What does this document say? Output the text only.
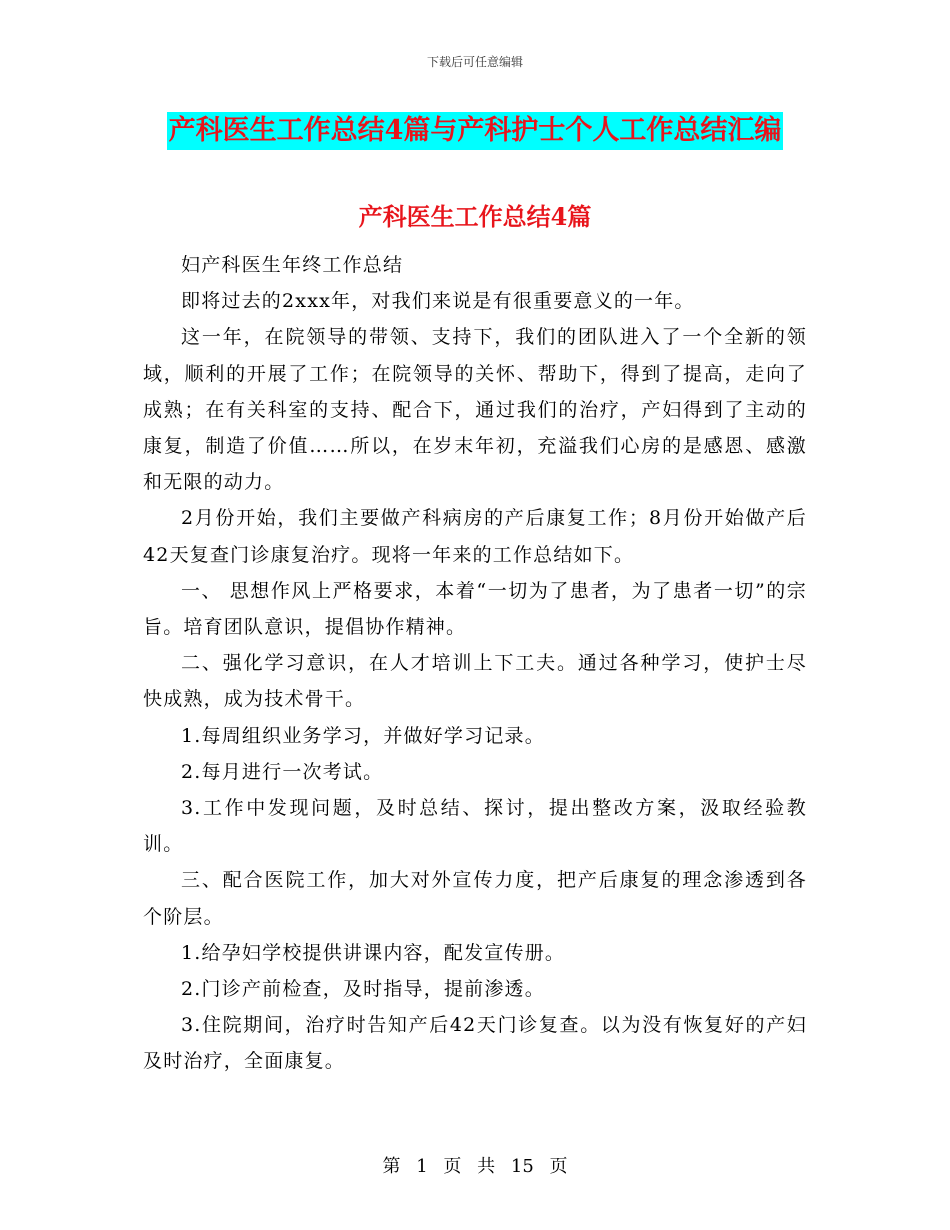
下载后可任意编辑
产科医生工作总结4篇与产科护士个人工作总结汇编
产科医生工作总结4篇

妇产科医生年终工作总结

即将过去的2xxx年，对我们来说是有很重要意义的一年。

这一年，在院领导的带领、支持下，我们的团队进入了一个全新的领域，顺利的开展了工作；在院领导的关怀、帮助下，得到了提高，走向了成熟；在有关科室的支持、配合下，通过我们的治疗，产妇得到了主动的康复，制造了价值……所以，在岁末年初，充溢我们心房的是感恩、感激和无限的动力。

2月份开始，我们主要做产科病房的产后康复工作；8月份开始做产后42天复查门诊康复治疗。现将一年来的工作总结如下。

一、 思想作风上严格要求，本着“一切为了患者，为了患者一切”的宗旨。培育团队意识，提倡协作精神。

二、强化学习意识，在人才培训上下工夫。通过各种学习，使护士尽快成熟，成为技术骨干。

1.每周组织业务学习，并做好学习记录。

2.每月进行一次考试。

3.工作中发现问题，及时总结、探讨，提出整改方案，汲取经验教训。

三、配合医院工作，加大对外宣传力度，把产后康复的理念渗透到各个阶层。

1.给孕妇学校提供讲课内容，配发宣传册。

2.门诊产前检查，及时指导，提前渗透。

3.住院期间，治疗时告知产后42天门诊复查。以为没有恢复好的产妇及时治疗，全面康复。

第 1 页 共 15 页
